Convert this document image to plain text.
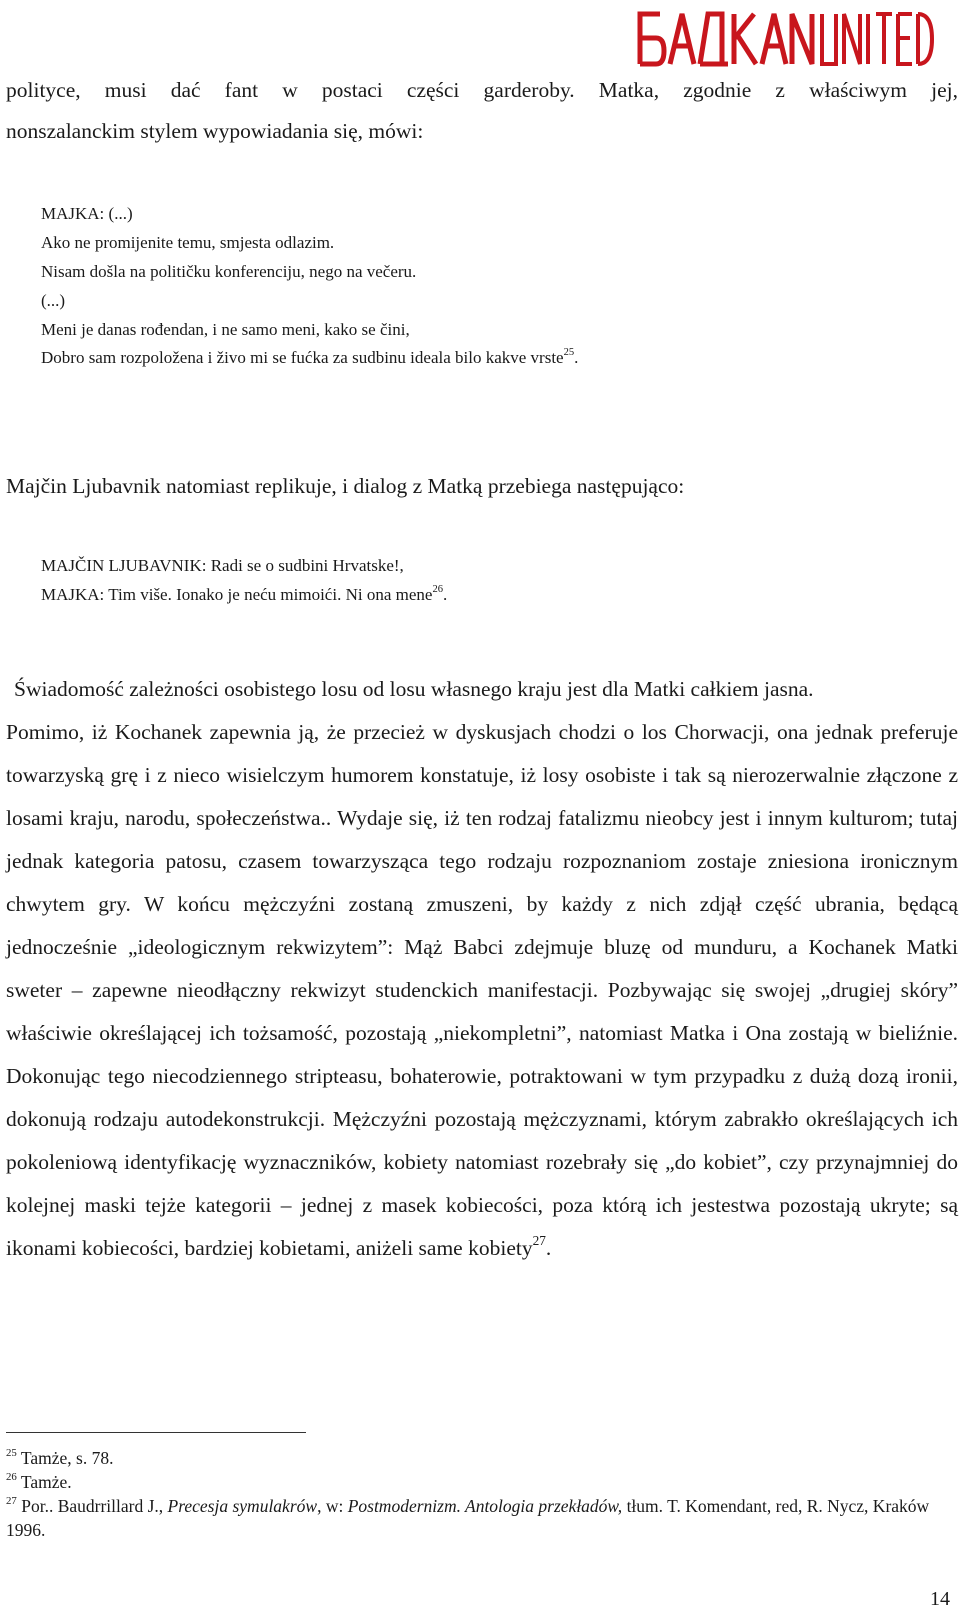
polityce, musi dać fant w postaci części garderoby. Matka, zgodnie z właściwym jej,
nonszalanckim stylem wypowiadania się, mówi:
MAJKA: (...)
Ako ne promijenite temu, smjesta odlazim.
Nisam došla na političku konferenciju, nego na večeru.
(...)
Meni je danas rođendan, i ne samo meni, kako se čini,
Dobro sam rozpoložena i živo mi se fućka za sudbinu ideala bilo kakve vrste$^{25}$.
Majčin Ljubavnik natomiast replikuje, i dialog z Matką przebiega następująco:
MAJČIN LJUBAVNIK: Radi se o sudbini Hrvatske!,
MAJKA: Tim više. Ionako je neću mimoići. Ni ona mene$^{26}$.
Świadomość zależności osobistego losu od losu własnego kraju jest dla Matki całkiem jasna.

Pomimo, iż Kochanek zapewnia ją, że przecież w dyskusjach chodzi o los Chorwacji, ona jednak preferuje towarzyską grę i z nieco wisielczym humorem konstatuje, iż losy osobiste i tak są nierozerwalnie złączone z losami kraju, narodu, społeczeństwa.. Wydaje się, iż ten rodzaj fatalizmu nieobcy jest i innym kulturom; tutaj jednak kategoria patosu, czasem towarzysząca tego rodzaju rozpoznaniom zostaje zniesiona ironicznym chwytem gry. W końcu mężczyźni zostaną zmuszeni, by każdy z nich zdjął część ubrania, będącą jednocześnie „ideologicznym rekwizytem”: Mąż Babci zdejmuje bluzę od munduru, a Kochanek Matki sweter – zapewne nieodłączny rekwizyt studenckich manifestacji. Pozbywając się swojej „drugiej skóry” właściwie określającej ich tożsamość, pozostają „niekompletni”, natomiast Matka i Ona zostają w bieliźnie. Dokonując tego niecodziennego stripteasu, bohaterowie, potraktowani w tym przypadku z dużą dozą ironii, dokonują rodzaju autodekonstrukcji. Mężczyźni pozostają mężczyznami, którym zabrakło określających ich pokoleniową identyfikację wyznaczników, kobiety natomiast rozebrały się „do kobiet”, czy przynajmniej do kolejnej maski tejże kategorii – jednej z masek kobiecości, poza którą ich jestestwa pozostają ukryte; są ikonami kobiecości, bardziej kobietami, aniżeli same kobiety$^{27}$.

$^{25}$ Tamże, s. 78.

$^{26}$ Tamże.

$^{27}$ Por.. Baudrrillard J., Precesja symulakrów, w: Postmodernizm. Antologia przekładów, tłum. T. Komendant, red, R. Nycz, Kraków 1996.

14
